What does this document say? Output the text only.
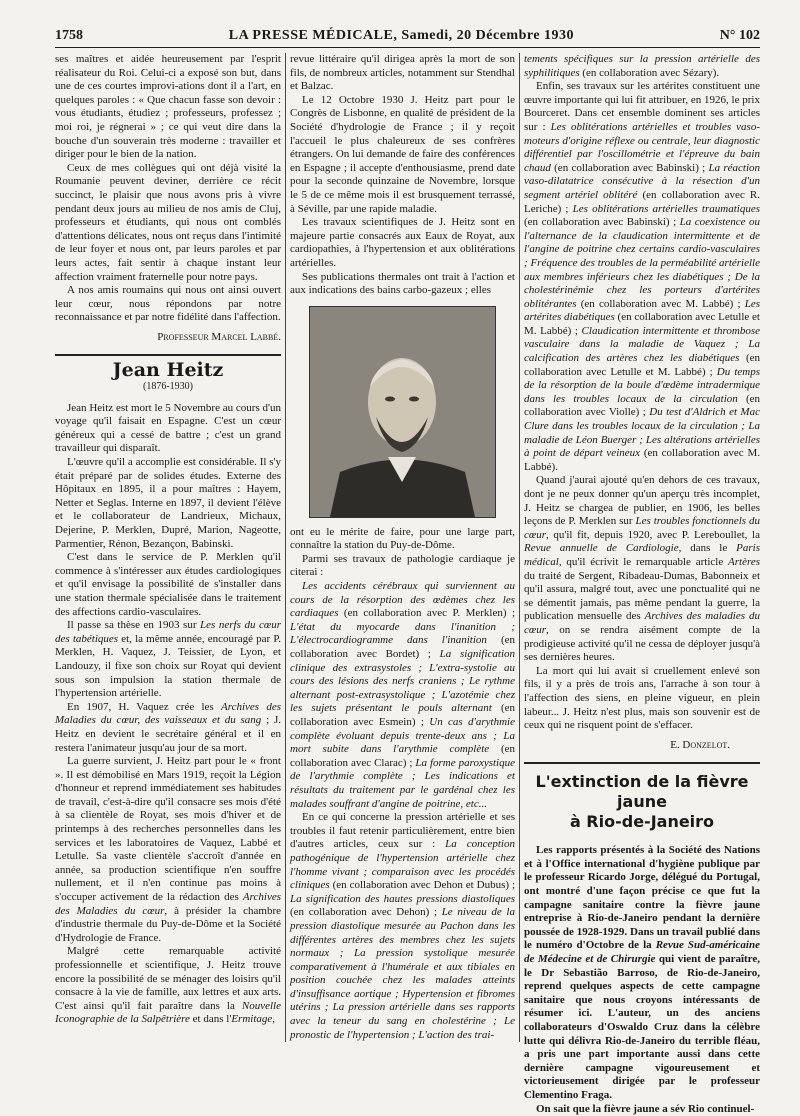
1758	LA PRESSE MÉDICALE, Samedi, 20 Décembre 1930	N° 102

ses maîtres et aidée heureusement par l'esprit réalisateur du Roi. Celui-ci a exposé son but, dans une de ces courtes improvi-ations dont il a l'art, en quelques paroles : « Que chacun fasse son devoir : vous étudiants, étudiez ; professeurs, professez ; moi roi, je régnerai » ; ce qui veut dire dans la bouche d'un souverain très moderne : travailler et diriger pour le bien de la nation.

Ceux de mes collègues qui ont déjà visité la Roumanie peuvent deviner, derrière ce récit succinct, le plaisir que nous avons pris à vivre pendant deux jours au milieu de nos amis de Cluj, professeurs et étudiants, qui nous ont comblés d'attentions délicates, nous ont reçus dans l'intimité de leur foyer et nous ont, par leurs paroles et par leurs actes, fait sentir à chaque instant leur affection vraiment fraternelle pour notre pays.

A nos amis roumains qui nous ont ainsi ouvert leur cœur, nous répondons par notre reconnaissance et par notre fidélité dans l'affection.

Professeur Marcel Labbé.
Jean Heitz
(1876-1930)

Jean Heitz est mort le 5 Novembre au cours d'un voyage qu'il faisait en Espagne. C'est un cœur généreux qui a cessé de battre ; c'est un grand travailleur qui disparaît.

L'œuvre qu'il a accomplie est considérable. Il s'y était préparé par de solides études. Externe des Hôpitaux en 1895, il a pour maîtres : Hayem, Netter et Seglas. Interne en 1897, il devient l'élève et le collaborateur de Landrieux, Michaux, Dejerine, P. Merklen, Dupré, Marion, Nageotte, Parmentier, Rénon, Bezançon, Babinski.

C'est dans le service de P. Merklen qu'il commence à s'intéresser aux études cardiologiques et qu'il envisage la possibilité de s'installer dans une station thermale spécialisée dans le traitement des affections cardio-vasculaires.

Il passe sa thèse en 1903 sur Les nerfs du cœur des tabétiques et, la même année, encouragé par P. Merklen, H. Vaquez, J. Teissier, de Lyon, et Landouzy, il fixe son choix sur Royat qui devient sous son impulsion la station thermale de l'hypertension artérielle.

En 1907, H. Vaquez crée les Archives des Maladies du cœur, des vaisseaux et du sang ; J. Heitz en devient le secrétaire général et il en restera l'animateur jusqu'au jour de sa mort.

La guerre survient, J. Heitz part pour le « front ». Il est démobilisé en Mars 1919, reçoit la Légion d'honneur et reprend immédiatement ses habitudes de travail, c'est-à-dire qu'il consacre ses mois d'été à sa clientèle de Royat, ses mois d'hiver et de printemps à des recherches personnelles dans les services et les laboratoires de Vaquez, Labbé et Letulle. Sa vaste clientèle s'accroît d'année en année, sa production scientifique n'en souffre nullement, et il n'en continue pas moins à s'occuper activement de la rédaction des Archives des Maladies du cœur, à présider la chambre d'industrie thermale du Puy-de-Dôme et la Société d'Hydrologie de France.

Malgré cette remarquable activité professionnelle et scientifique, J. Heitz trouve encore la possibilité de se ménager des loisirs qu'il consacre à la vie de famille, aux lettres et aux arts. C'est ainsi qu'il fait paraître dans la Nouvelle Iconographie de la Salpêtrière et dans l'Ermitage,

revue littéraire qu'il dirigea après la mort de son fils, de nombreux articles, notamment sur Stendhal et Balzac.

Le 12 Octobre 1930 J. Heitz part pour le Congrès de Lisbonne, en qualité de président de la Société d'hydrologie de France ; il y reçoit l'accueil le plus chaleureux de ses confrères étrangers. On lui demande de faire des conférences en Espagne ; il accepte d'enthousiasme, prend date pour la seconde quinzaine de Novembre, lorsque le 5 de ce même mois il est brusquement terrassé, à Séville, par une rapide maladie.

Les travaux scientifiques de J. Heitz sont en majeure partie consacrés aux Eaux de Royat, aux cardiopathies, à l'hypertension et aux oblitérations artérielles.

Ses publications thermales ont trait à l'action et aux indications des bains carbo-gazeux ; elles

ont eu le mérite de faire, pour une large part, connaître la station du Puy-de-Dôme.

Parmi ses travaux de pathologie cardiaque je citerai :

Les accidents cérébraux qui surviennent au cours de la résorption des œdèmes chez les cardiaques (en collaboration avec P. Merklen) ; L'état du myocarde dans l'inanition ; L'électrocardiogramme dans l'inanition (en collaboration avec Bordet) ; La signification clinique des extrasystoles ; L'extra-systolie au cours des lésions des nerfs craniens ; Le rythme alternant post-extrasystolique ; L'azotémie chez les sujets présentant le pouls alternant (en collaboration avec Esmein) ; Un cas d'arythmie complète évoluant depuis trente-deux ans ; La mort subite dans l'arythmie complète (en collaboration avec Clarac) ; La forme paroxystique de l'arythmie complète ; Les indications et résultats du traitement par le gardénal chez les malades souffrant d'angine de poitrine, etc...

En ce qui concerne la pression artérielle et ses troubles il faut retenir particulièrement, entre bien d'autres articles, ceux sur : La conception pathogénique de l'hypertension artérielle chez l'homme vivant ; comparaison avec les procédés cliniques (en collaboration avec Dehon et Dubus) ; La signification des hautes pressions diastoliques (en collaboration avec Dehon) ; Le niveau de la pression diastolique mesurée au Pachon dans les différentes artères des membres chez les sujets normaux ; La pression systolique mesurée comparativement à l'humérale et aux tibiales en position couchée chez les malades atteints d'insuffisance aortique ; Hypertension et fibromes utérins ; La pression artérielle dans ses rapports avec la teneur du sang en cholestérine ; Le pronostic de l'hypertension ; L'action des trai-

tements spécifiques sur la pression artérielle des syphilitiques (en collaboration avec Sézary).

Enfin, ses travaux sur les artérites constituent une œuvre importante qui lui fit attribuer, en 1926, le prix Bourceret. Dans cet ensemble dominent ses articles sur : Les oblitérations artérielles et troubles vaso-moteurs d'origine réflexe ou centrale, leur diagnostic différentiel par l'oscillométrie et l'épreuve du bain chaud (en collaboration avec Babinski) ; La réaction vaso-dilatatrice consécutive à la résection d'un segment artériel oblitéré (en collaboration avec R. Leriche) ; Les oblitérations artérielles traumatiques (en collaboration avec Babinski) ; La coexistence ou l'alternance de la claudication intermittente et de l'angine de poitrine chez certains cardio-vasculaires ; Fréquence des troubles de la perméabilité artérielle aux membres inférieurs chez les diabétiques ; De la cholestérinémie chez les porteurs d'artérites oblitérantes (en collaboration avec M. Labbé) ; Les artérites diabétiques (en collaboration avec Letulle et M. Labbé) ; Claudication intermittente et thrombose vasculaire dans la maladie de Vaquez ; La calcification des artères chez les diabétiques (en collaboration avec Letulle et M. Labbé) ; Du temps de la résorption de la boule d'œdème intradermique dans les troubles locaux de la circulation (en collaboration avec Violle) ; Du test d'Aldrich et Mac Clure dans les troubles locaux de la circulation ; La maladie de Léon Buerger ; Les altérations artérielles à point de départ veineux (en collaboration avec M. Labbé).

Quand j'aurai ajouté qu'en dehors de ces travaux, dont je ne peux donner qu'un aperçu très incomplet, J. Heitz se chargea de publier, en 1906, les belles leçons de P. Merklen sur Les troubles fonctionnels du cœur, qu'il fit, depuis 1920, avec P. Lereboullet, la Revue annuelle de Cardiologie, dans le Paris médical, qu'il écrivit le remarquable article Artères du traité de Sergent, Ribadeau-Dumas, Babonneix et qu'il assura, malgré tout, avec une ponctualité qui ne se démentit jamais, pas même pendant la guerre, la publication mensuelle des Archives des maladies du cœur, on se rendra aisément compte de la prodigieuse activité qu'il ne cessa de déployer jusqu'à ses dernières heures.

La mort qui lui avait si cruellement enlevé son fils, il y a près de trois ans, l'arrache à son tour à l'affection des siens, en pleine vigueur, en plein labeur... J. Heitz n'est plus, mais son souvenir est de ceux qui ne risquent point de s'effacer.

E. Donzelot.
L'extinction de la fièvre jaune
à Rio-de-Janeiro

Les rapports présentés à la Société des Nations et à l'Office international d'hygiène publique par le professeur Ricardo Jorge, délégué du Portugal, ont montré d'une façon précise ce que fut la campagne sanitaire contre la fièvre jaune entreprise à Rio-de-Janeiro pendant la dernière poussée de 1928-1929. Dans un travail publié dans le numéro d'Octobre de la Revue Sud-américaine de Médecine et de Chirurgie qui vient de paraître, le Dr Sebastião Barroso, de Rio-de-Janeiro, reprend quelques aspects de cette campagne sanitaire que nous croyons intéressants de résumer ici. L'auteur, un des anciens collaborateurs d'Oswaldo Cruz dans la célèbre lutte qui délivra Rio-de-Janeiro du terrible fléau, a pris une part importante aussi dans cette dernière campagne vigoureusement et victorieusement dirigée par le professeur Clementino Fraga.

On sait que la fièvre jaune a sév Rio continuel-
